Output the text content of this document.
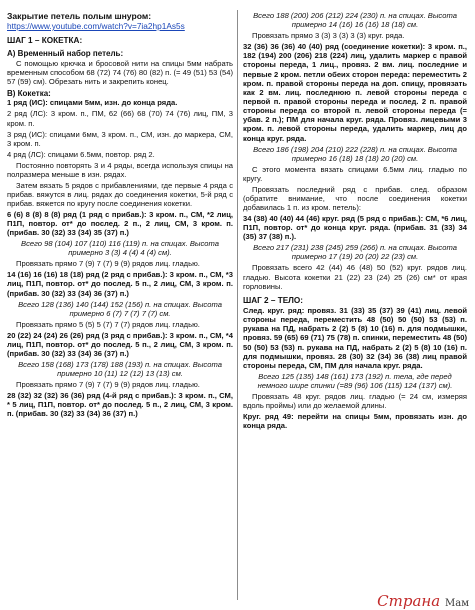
Закрытие петель полым шнуром:
https://www.youtube.com/watch?v=7ia2hp1As5s
ШАГ 1 – КОКЕТКА:
А) Временный набор петель:
С помощью крючка и бросовой нити на спицы 5мм набрать временным способом 68 (72) 74 (76) 80 (82) п. (= 49 (51) 53 (54) 57 (59) см). Обрезать нить и закрепить конец.
В) Кокетка:
1 ряд (ИС): спицами 5мм, изн. до конца ряда.
2 ряд (ЛС): 3 кром. п., ПМ, 62 (66) 68 (70) 74 (76) лиц, ПМ, 3 кром. п.
3 ряд (ИС): спицами 6мм, 3 кром. п., СМ, изн. до маркера, СМ, 3 кром. п.
4 ряд (ЛС): спицами 6.5мм, повтор. ряд 2.
Постоянно повторять 3 и 4 ряды, всегда используя спицы на полразмера меньше в изн. рядах.
Затем вязать 5 рядов с прибавлениями, где первые 4 ряда с прибав. вяжутся в лиц. рядах до соединения кокетки, 5-й ряд с прибав. вяжется по кругу после соединения кокетки.
6 (6) 8 (8) 8 (8) ряд (1 ряд с прибав.): 3 кром. п., СМ, *2 лиц, П1П, повтор. от* до послед. 2 п., 2 лиц, СМ, 3 кром. п. (прибав. 30 (32) 33 (34) 35 (37) п.)
Всего 98 (104) 107 (110) 116 (119) п. на спицах. Высота примерно 3 (3) 4 (4) 4 (4) см).
Провязать прямо 7 (9) 7 (7) 9 (9) рядов лиц. гладью.
14 (16) 16 (16) 18 (18) ряд (2 ряд с прибав.): 3 кром. п., СМ, *3 лиц, П1П, повтор. от* до послед. 5 п., 2 лиц, СМ, 3 кром. п. (прибав. 30 (32) 33 (34) 36 (37) п.)
Всего 128 (136) 140 (144) 152 (156) п. на спицах. Высота примерно 6 (7) 7 (7) 7 (7) см.
Провязать прямо 5 (5) 5 (7) 7 (7) рядов лиц. гладью.
20 (22) 24 (24) 26 (26) ряд (3 ряд с прибав.): 3 кром. п., СМ, *4 лиц, П1П, повтор. от* до послед. 5 п., 2 лиц, СМ, 3 кром. п. (прибав. 30 (32) 33 (34) 36 (37) п.)
Всего 158 (168) 173 (178) 188 (193) п. на спицах. Высота примерно 10 (11) 12 (12) 13 (13) см.
Провязать прямо 7 (9) 7 (7) 9 (9) рядов лиц. гладью.
28 (32) 32 (32) 36 (36) ряд (4-й ряд с прибав.): 3 кром. п., СМ, * 5 лиц, П1П, повтор. от* до послед. 5 п., 2 лиц, СМ, 3 кром. п. (прибав. 30 (32) 33 (34) 36 (37) п.)
Всего 188 (200) 206 (212) 224 (230) п. на спицах. Высота примерно 14 (16) 16 (16) 18 (18) см.
Провязать прямо 3 (3) 3 (3) 3 (3) круг. ряда.
32 (36) 36 (36) 40 (40) ряд (соединение кокетки): 3 кром. п., 182 (194) 200 (206) 218 (224) лиц, удалить маркер с правой стороны переда, 1 лиц., провяз. 2 вм. лиц. последние и первые 2 кром. петли обеих сторон переда: переместить 2 кром. п. правой стороны переда на доп. спицу, провязать как 2 вм. лиц. последнюю п. левой стороны переда с первой п. правой стороны переда и послед. 2 п. правой стороны переда со второй п. левой стороны переда (= убав. 2 п.); ПМ для начала круг. ряда. Провяз. лицевыми 3 кром. п. левой стороны переда, удалить маркер, лиц до конца круг. ряда.
Всего 186 (198) 204 (210) 222 (228) п. на спицах. Высота примерно 16 (18) 18 (18) 20 (20) см.
С этого момента вязать спицами 6.5мм лиц. гладью по кругу.
Провязать последний ряд с прибав. след. образом (обратите внимание, что после соединения кокетки добавилась 1 п. из кром. петель):
34 (38) 40 (40) 44 (46) круг. ряд (5 ряд с прибав.): СМ, *6 лиц, П1П, повтор. от* до конца круг. ряда. (прибав. 31 (33) 34 (35) 37 (38) п.).
Всего 217 (231) 238 (245) 259 (266) п. на спицах. Высота примерно 17 (19) 20 (20) 22 (23) см.
Провязать всего 42 (44) 46 (48) 50 (52) круг. рядов лиц. гладью. Высота кокетки 21 (22) 23 (24) 25 (26) см* от края горловины.
ШАГ 2 – ТЕЛО:
След. круг. ряд: провяз. 31 (33) 35 (37) 39 (41) лиц. левой стороны переда, переместить 48 (50) 50 (50) 53 (53) п. рукава на ПД, набрать 2 (2) 5 (8) 10 (16) п. для подмышки, провяз. 59 (65) 69 (71) 75 (78) п. спинки, переместить 48 (50) 50 (50) 53 (53) п. рукава на ПД, набрать 2 (2) 5 (8) 10 (16) п. для подмышки, провяз. 28 (30) 32 (34) 36 (38) лиц правой стороны переда, СМ, ПМ для начала круг. ряда.
Всего 125 (135) 148 (161) 173 (192) п. тела, где перед немного шире спинки (=89 (96) 106 (115) 124 (137) см).
Провязать 48 круг. рядов лиц. гладью (= 24 см, измеряя вдоль проймы) или до желаемой длины.
Круг. ряд 49: перейти на спицы 5мм, провязать изн. до конца ряда.
Страна Мам
